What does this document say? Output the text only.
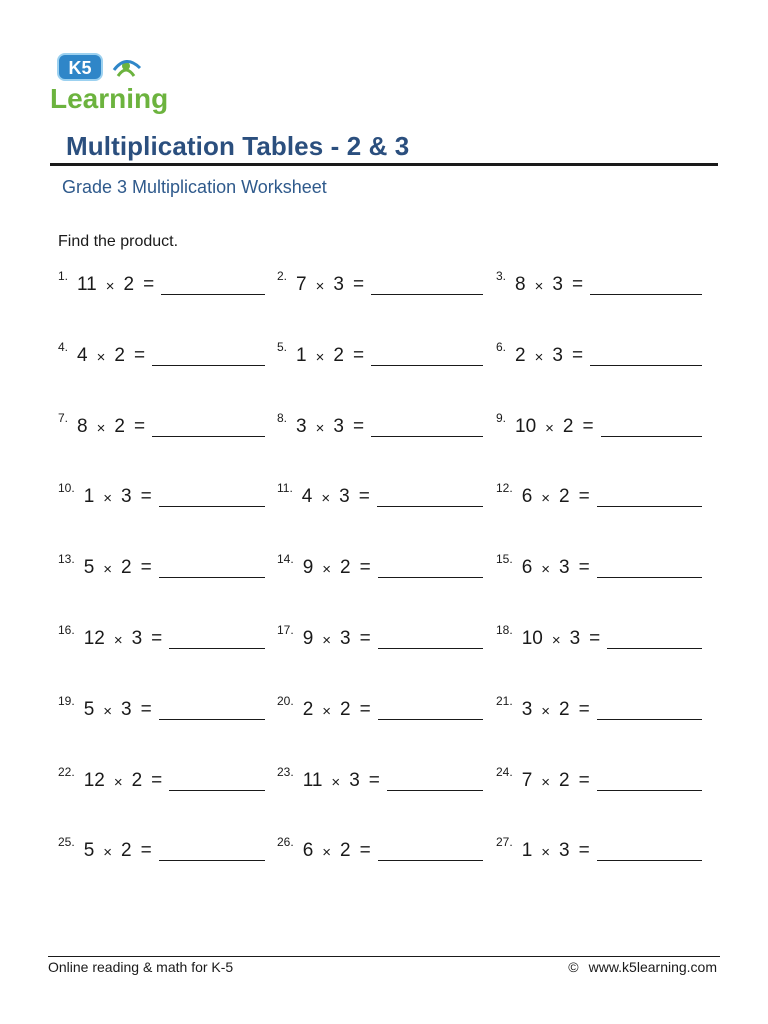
K5
Learning
Multiplication Tables - 2 & 3
Grade 3 Multiplication Worksheet
Find the product.
1. 11 × 2 =	2. 7 × 3 =	3. 8 × 3 =
4. 4 × 2 =	5. 1 × 2 =	6. 2 × 3 =
7. 8 × 2 =	8. 3 × 3 =	9. 10 × 2 =
10. 1 × 3 =	11. 4 × 3 =	12. 6 × 2 =
13. 5 × 2 =	14. 9 × 2 =	15. 6 × 3 =
16. 12 × 3 =	17. 9 × 3 =	18. 10 × 3 =
19. 5 × 3 =	20. 2 × 2 =	21. 3 × 2 =
22. 12 × 2 =	23. 11 × 3 =	24. 7 × 2 =
25. 5 × 2 =	26. 6 × 2 =	27. 1 × 3 =
Online reading & math for K-5	© www.k5learning.com
